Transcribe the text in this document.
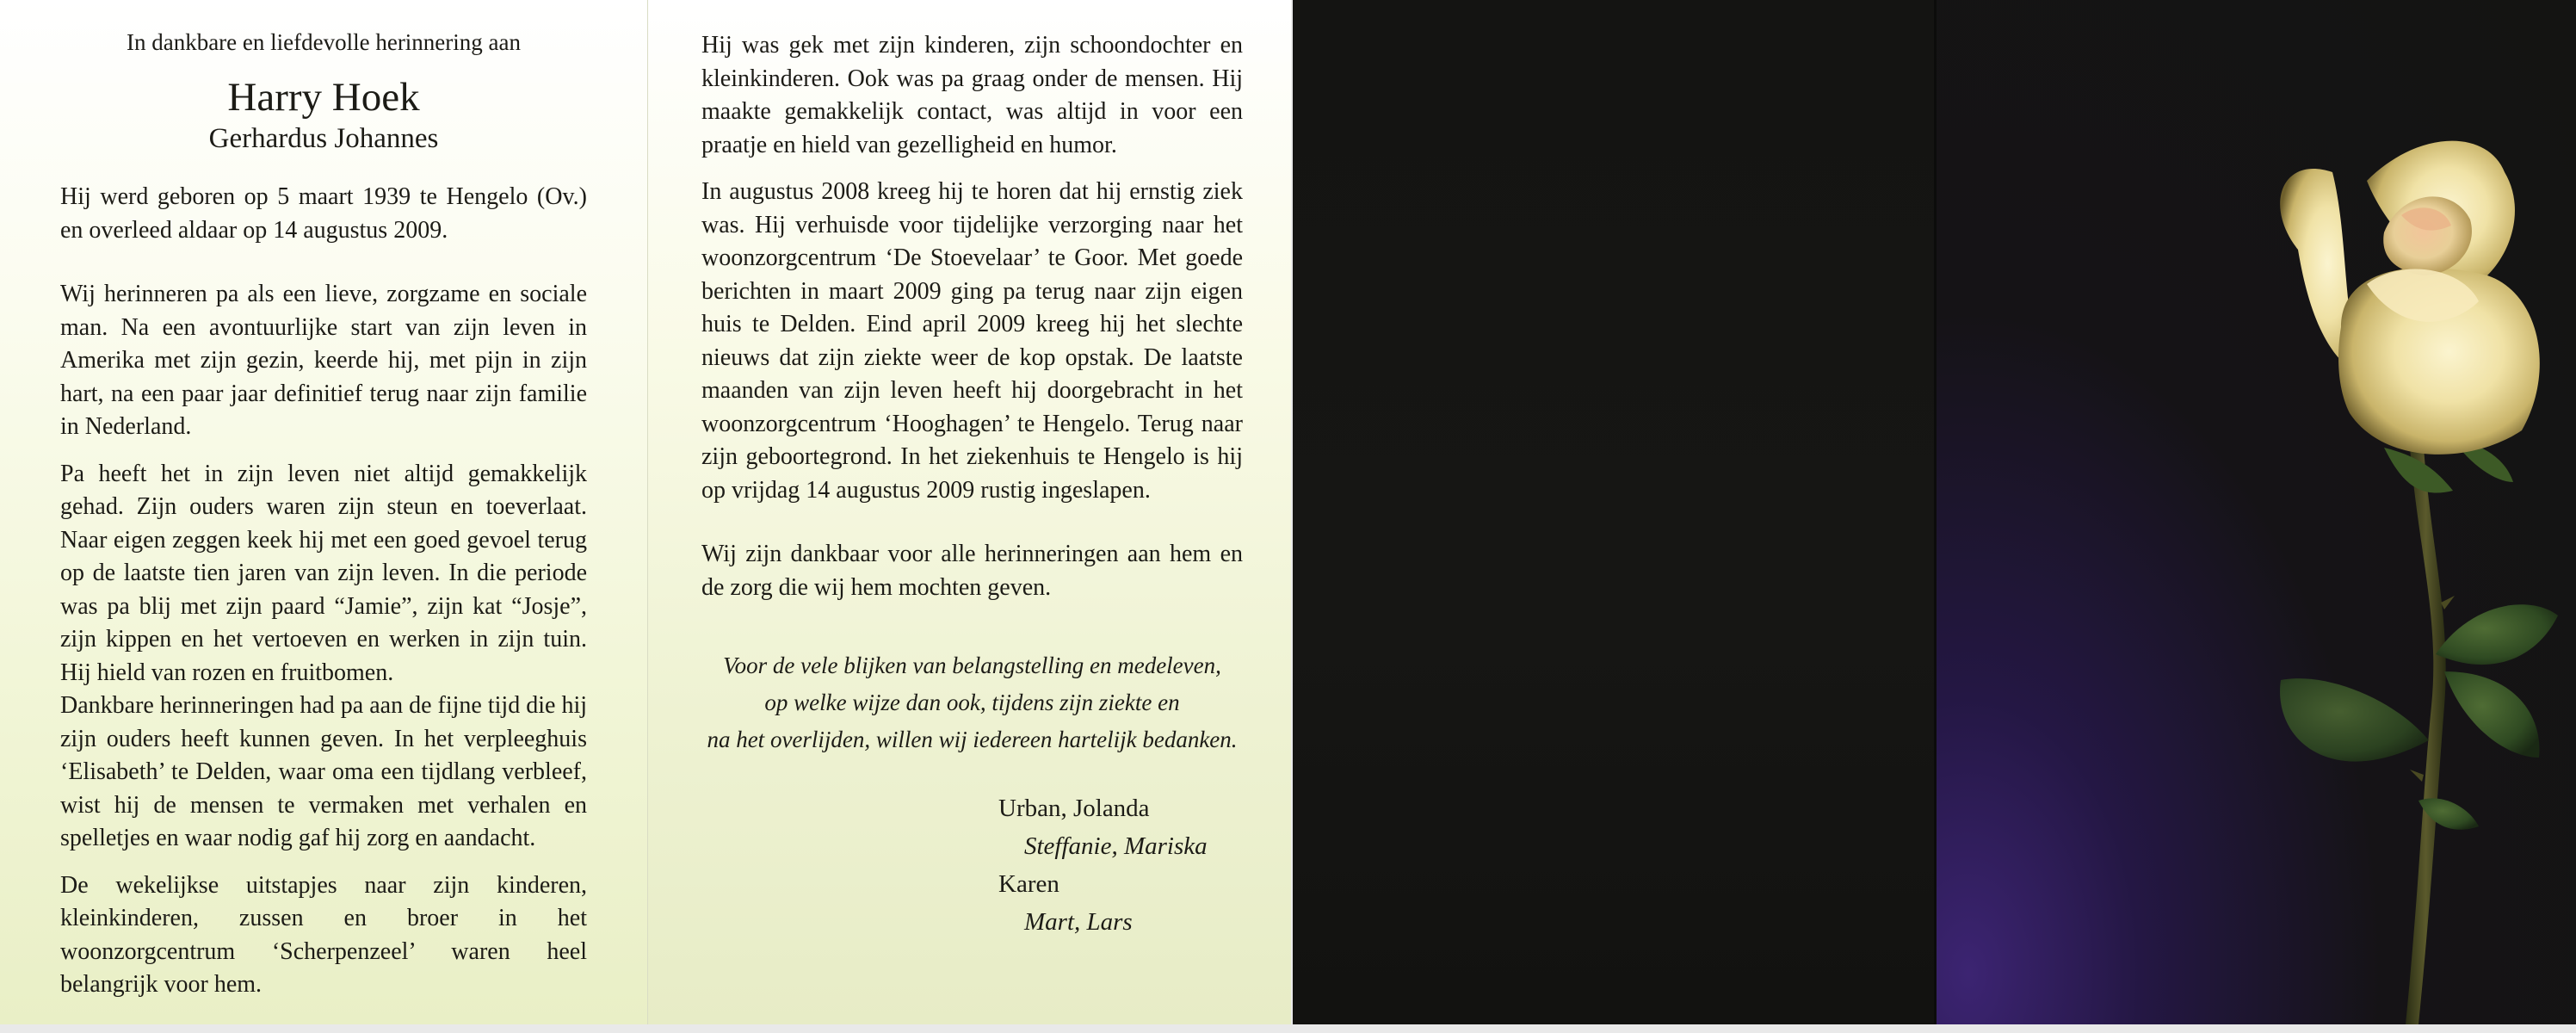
In dankbare en liefdevolle herinnering aan
Harry Hoek
Gerhardus Johannes

Hij werd geboren op 5 maart 1939 te Hengelo (Ov.) en overleed aldaar op 14 augustus 2009.

Wij herinneren pa als een lieve, zorgzame en sociale man. Na een avontuurlijke start van zijn leven in Amerika met zijn gezin, keerde hij, met pijn in zijn hart, na een paar jaar definitief terug naar zijn familie in Nederland.

Pa heeft het in zijn leven niet altijd gemakkelijk gehad. Zijn ouders waren zijn steun en toeverlaat. Naar eigen zeggen keek hij met een goed gevoel terug op de laatste tien jaren van zijn leven. In die periode was pa blij met zijn paard “Jamie”, zijn kat “Josje”, zijn kippen en het vertoeven en werken in zijn tuin. Hij hield van rozen en fruitbomen.

Dankbare herinneringen had pa aan de fijne tijd die hij zijn ouders heeft kunnen geven. In het verpleeghuis ‘Elisabeth’ te Delden, waar oma een tijdlang verbleef, wist hij de mensen te vermaken met verhalen en spelletjes en waar nodig gaf hij zorg en aandacht.

De wekelijkse uitstapjes naar zijn kinderen, kleinkinderen, zussen en broer in het woonzorgcentrum ‘Scherpenzeel’ waren heel belangrijk voor hem.

Hij was gek met zijn kinderen, zijn schoondochter en kleinkinderen. Ook was pa graag onder de mensen. Hij maakte gemakkelijk contact, was altijd in voor een praatje en hield van gezelligheid en humor.

In augustus 2008 kreeg hij te horen dat hij ernstig ziek was. Hij verhuisde voor tijdelijke verzorging naar het woonzorgcentrum ‘De Stoevelaar’ te Goor. Met goede berichten in maart 2009 ging pa terug naar zijn eigen huis te Delden. Eind april 2009 kreeg hij het slechte nieuws dat zijn ziekte weer de kop opstak. De laatste maanden van zijn leven heeft hij doorgebracht in het woonzorgcentrum ‘Hooghagen’ te Hengelo. Terug naar zijn geboortegrond. In het ziekenhuis te Hengelo is hij op vrijdag 14 augustus 2009 rustig ingeslapen.

Wij zijn dankbaar voor alle herinneringen aan hem en de zorg die wij hem mochten geven.

Voor de vele blijken van belangstelling en medeleven,
op welke wijze dan ook, tijdens zijn ziekte en
na het overlijden, willen wij iedereen hartelijk bedanken.
Urban, Jolanda
Steffanie, Mariska
Karen
Mart, Lars
